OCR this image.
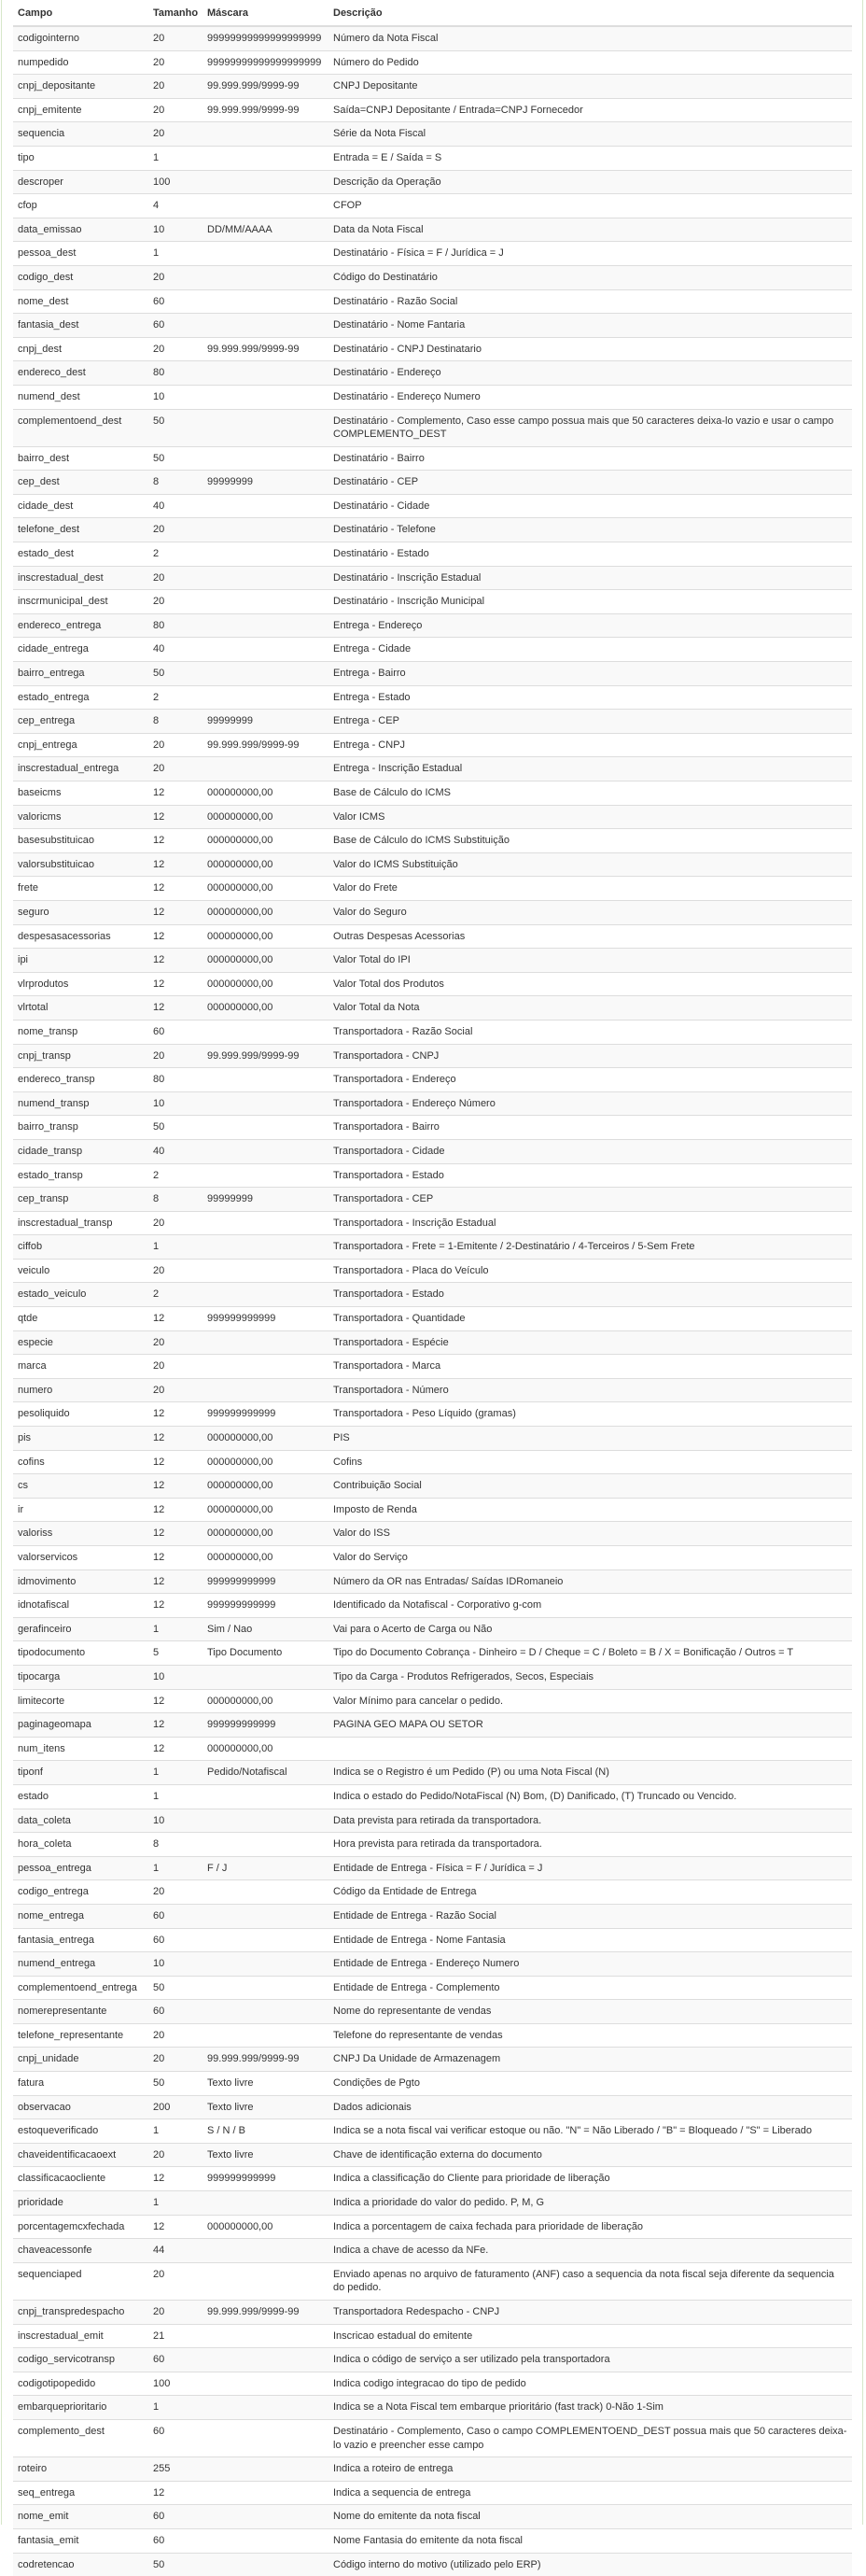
Campo	Tamanho	Máscara	Descrição
codigointerno	20	99999999999999999999	Número da Nota Fiscal
numpedido	20	99999999999999999999	Número do Pedido
cnpj_depositante	20	99.999.999/9999-99	CNPJ Depositante
cnpj_emitente	20	99.999.999/9999-99	Saída=CNPJ Depositante / Entrada=CNPJ Fornecedor
sequencia	20		Série da Nota Fiscal
tipo	1		Entrada = E / Saída = S
descroper	100		Descrição da Operação
cfop	4		CFOP
data_emissao	10	DD/MM/AAAA	Data da Nota Fiscal
pessoa_dest	1		Destinatário - Física = F / Jurídica = J
codigo_dest	20		Código do Destinatário
nome_dest	60		Destinatário - Razão Social
fantasia_dest	60		Destinatário - Nome Fantaria
cnpj_dest	20	99.999.999/9999-99	Destinatário - CNPJ Destinatario
endereco_dest	80		Destinatário - Endereço
numend_dest	10		Destinatário - Endereço Numero
complementoend_dest	50		Destinatário - Complemento, Caso esse campo possua mais que 50 caracteres deixa-lo vazio e usar o campo COMPLEMENTO_DEST
bairro_dest	50		Destinatário - Bairro
cep_dest	8	99999999	Destinatário - CEP
cidade_dest	40		Destinatário - Cidade
telefone_dest	20		Destinatário - Telefone
estado_dest	2		Destinatário - Estado
inscrestadual_dest	20		Destinatário - Inscrição Estadual
inscrmunicipal_dest	20		Destinatário - Inscrição Municipal
endereco_entrega	80		Entrega - Endereço
cidade_entrega	40		Entrega - Cidade
bairro_entrega	50		Entrega - Bairro
estado_entrega	2		Entrega - Estado
cep_entrega	8	99999999	Entrega - CEP
cnpj_entrega	20	99.999.999/9999-99	Entrega - CNPJ
inscrestadual_entrega	20		Entrega - Inscrição Estadual
baseicms	12	000000000,00	Base de Cálculo do ICMS
valoricms	12	000000000,00	Valor ICMS
basesubstituicao	12	000000000,00	Base de Cálculo do ICMS Substituição
valorsubstituicao	12	000000000,00	Valor do ICMS Substituição
frete	12	000000000,00	Valor do Frete
seguro	12	000000000,00	Valor do Seguro
despesasacessorias	12	000000000,00	Outras Despesas Acessorias
ipi	12	000000000,00	Valor Total do IPI
vlrprodutos	12	000000000,00	Valor Total dos Produtos
vlrtotal	12	000000000,00	Valor Total da Nota
nome_transp	60		Transportadora - Razão Social
cnpj_transp	20	99.999.999/9999-99	Transportadora - CNPJ
endereco_transp	80		Transportadora - Endereço
numend_transp	10		Transportadora - Endereço Número
bairro_transp	50		Transportadora - Bairro
cidade_transp	40		Transportadora - Cidade
estado_transp	2		Transportadora - Estado
cep_transp	8	99999999	Transportadora - CEP
inscrestadual_transp	20		Transportadora - Inscrição Estadual
ciffob	1		Transportadora - Frete = 1-Emitente / 2-Destinatário / 4-Terceiros / 5-Sem Frete
veiculo	20		Transportadora - Placa do Veículo
estado_veiculo	2		Transportadora - Estado
qtde	12	999999999999	Transportadora - Quantidade
especie	20		Transportadora - Espécie
marca	20		Transportadora - Marca
numero	20		Transportadora - Número
pesoliquido	12	999999999999	Transportadora - Peso Líquido (gramas)
pis	12	000000000,00	PIS
cofins	12	000000000,00	Cofins
cs	12	000000000,00	Contribuição Social
ir	12	000000000,00	Imposto de Renda
valoriss	12	000000000,00	Valor do ISS
valorservicos	12	000000000,00	Valor do Serviço
idmovimento	12	999999999999	Número da OR nas Entradas/ Saídas IDRomaneio
idnotafiscal	12	999999999999	Identificado da Notafiscal - Corporativo g-com
gerafinceiro	1	Sim / Nao	Vai para o Acerto de Carga ou Não
tipodocumento	5	Tipo Documento	Tipo do Documento Cobrança - Dinheiro = D / Cheque = C / Boleto = B / X = Bonificação / Outros = T
tipocarga	10		Tipo da Carga - Produtos Refrigerados, Secos, Especiais
limitecorte	12	000000000,00	Valor Mínimo para cancelar o pedido.
paginageomapa	12	999999999999	PAGINA GEO MAPA OU SETOR
num_itens	12	000000000,00	
tiponf	1	Pedido/Notafiscal	Indica se o Registro é um Pedido (P) ou uma Nota Fiscal (N)
estado	1		Indica o estado do Pedido/NotaFiscal (N) Bom, (D) Danificado, (T) Truncado ou Vencido.
data_coleta	10		Data prevista para retirada da transportadora.
hora_coleta	8		Hora prevista para retirada da transportadora.
pessoa_entrega	1	F / J	Entidade de Entrega - Física = F / Jurídica = J
codigo_entrega	20		Código da Entidade de Entrega
nome_entrega	60		Entidade de Entrega - Razão Social
fantasia_entrega	60		Entidade de Entrega - Nome Fantasia
numend_entrega	10		Entidade de Entrega - Endereço Numero
complementoend_entrega	50		Entidade de Entrega - Complemento
nomerepresentante	60		Nome do representante de vendas
telefone_representante	20		Telefone do representante de vendas
cnpj_unidade	20	99.999.999/9999-99	CNPJ Da Unidade de Armazenagem
fatura	50	Texto livre	Condições de Pgto
observacao	200	Texto livre	Dados adicionais
estoqueverificado	1	S / N / B	Indica se a nota fiscal vai verificar estoque ou não. "N" = Não Liberado / "B" = Bloqueado / "S" = Liberado
chaveidentificacaoext	20	Texto livre	Chave de identificação externa do documento
classificacaocliente	12	999999999999	Indica a classificação do Cliente para prioridade de liberação
prioridade	1		Indica a prioridade do valor do pedido. P, M, G
porcentagemcxfechada	12	000000000,00	Indica a porcentagem de caixa fechada para prioridade de liberação
chaveacessonfe	44		Indica a chave de acesso da NFe.
sequenciaped	20		Enviado apenas no arquivo de faturamento (ANF) caso a sequencia da nota fiscal seja diferente da sequencia do pedido.
cnpj_transpredespacho	20	99.999.999/9999-99	Transportadora Redespacho - CNPJ
inscrestadual_emit	21		Inscricao estadual do emitente
codigo_servicotransp	60		Indica o código de serviço a ser utilizado pela transportadora
codigotipopedido	100		Indica codigo integracao do tipo de pedido
embarqueprioritario	1		Indica se a Nota Fiscal tem embarque prioritário (fast track) 0-Não 1-Sim
complemento_dest	60		Destinatário - Complemento, Caso o campo COMPLEMENTOEND_DEST possua mais que 50 caracteres deixa-lo vazio e preencher esse campo
roteiro	255		Indica a roteiro de entrega
seq_entrega	12		Indica a sequencia de entrega
nome_emit	60		Nome do emitente da nota fiscal
fantasia_emit	60		Nome Fantasia do emitente da nota fiscal
codretencao	50		Código interno do motivo (utilizado pelo ERP)
